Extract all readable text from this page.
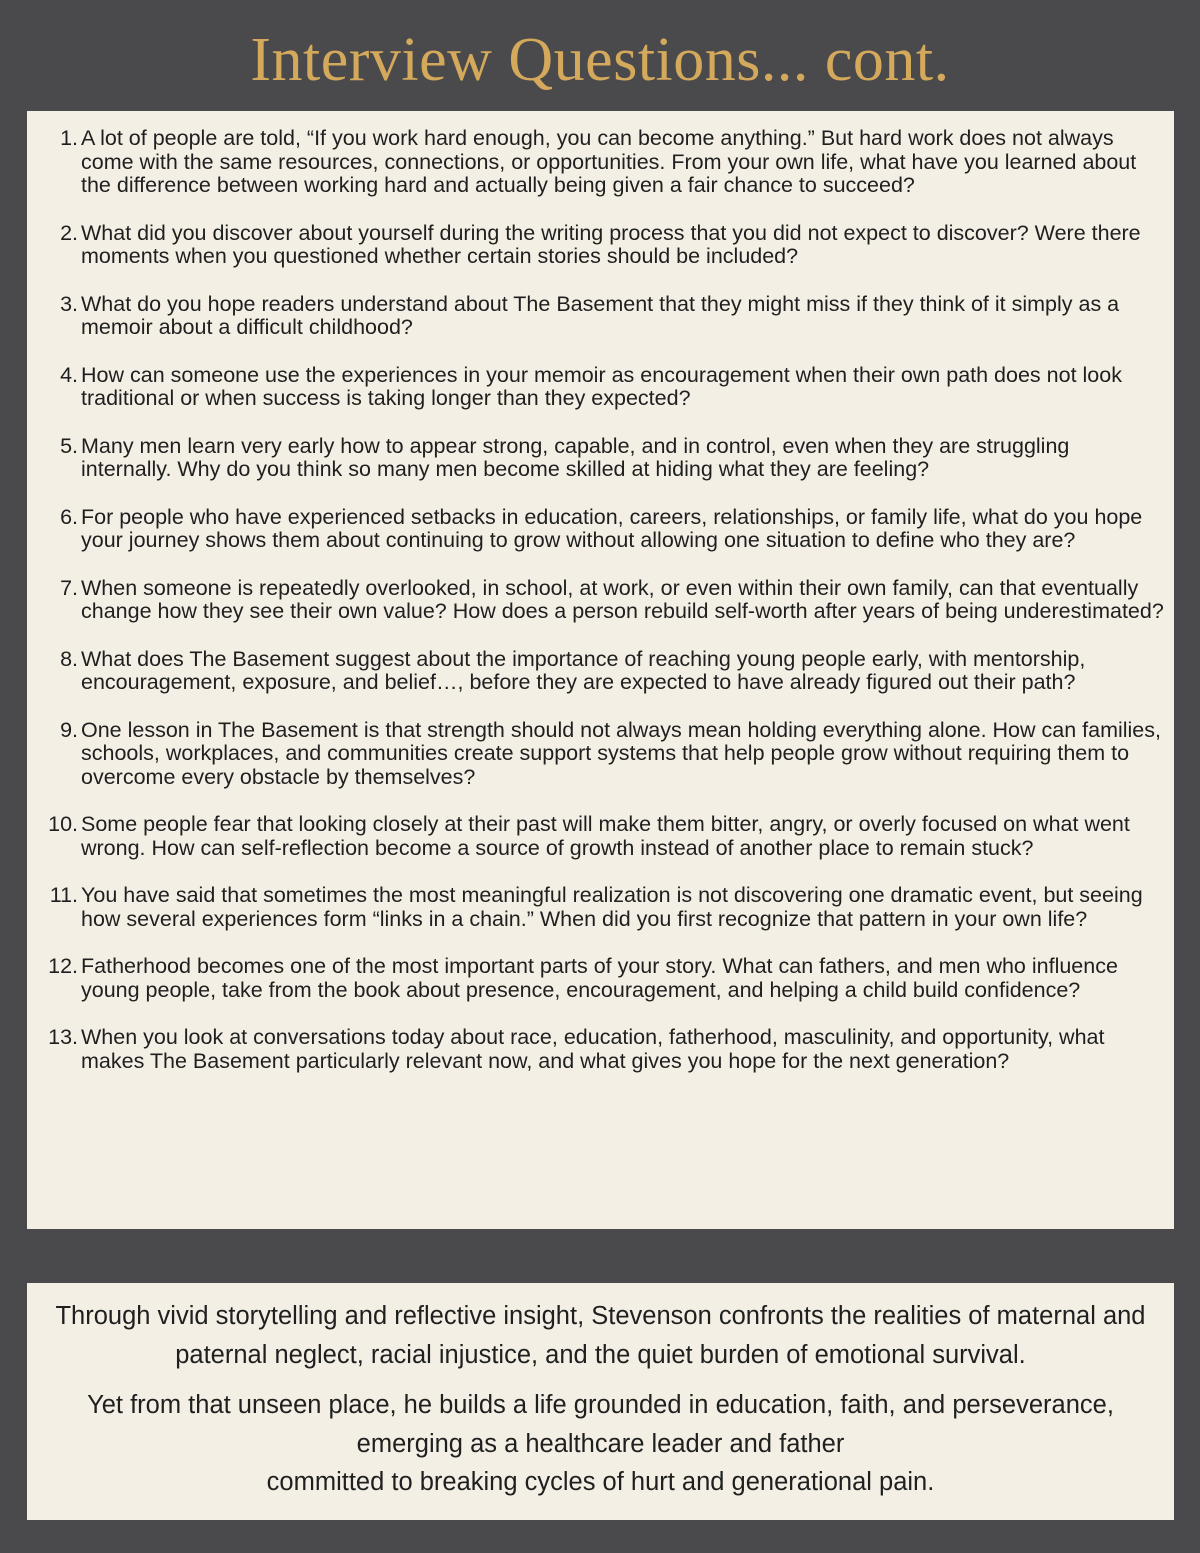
Interview Questions... cont.
1. A lot of people are told, “If you work hard enough, you can become anything.” But hard work does not always come with the same resources, connections, or opportunities. From your own life, what have you learned about the difference between working hard and actually being given a fair chance to succeed?
2. What did you discover about yourself during the writing process that you did not expect to discover? Were there moments when you questioned whether certain stories should be included?
3. What do you hope readers understand about The Basement that they might miss if they think of it simply as a memoir about a difficult childhood?
4. How can someone use the experiences in your memoir as encouragement when their own path does not look traditional or when success is taking longer than they expected?
5. Many men learn very early how to appear strong, capable, and in control, even when they are struggling internally. Why do you think so many men become skilled at hiding what they are feeling?
6. For people who have experienced setbacks in education, careers, relationships, or family life, what do you hope your journey shows them about continuing to grow without allowing one situation to define who they are?
7. When someone is repeatedly overlooked, in school, at work, or even within their own family, can that eventually change how they see their own value? How does a person rebuild self-worth after years of being underestimated?
8. What does The Basement suggest about the importance of reaching young people early, with mentorship, encouragement, exposure, and belief…, before they are expected to have already figured out their path?
9. One lesson in The Basement is that strength should not always mean holding everything alone. How can families, schools, workplaces, and communities create support systems that help people grow without requiring them to overcome every obstacle by themselves?
10. Some people fear that looking closely at their past will make them bitter, angry, or overly focused on what went wrong. How can self-reflection become a source of growth instead of another place to remain stuck?
11. You have said that sometimes the most meaningful realization is not discovering one dramatic event, but seeing how several experiences form “links in a chain.” When did you first recognize that pattern in your own life?
12. Fatherhood becomes one of the most important parts of your story. What can fathers, and men who influence young people, take from the book about presence, encouragement, and helping a child build confidence?
13. When you look at conversations today about race, education, fatherhood, masculinity, and opportunity, what makes The Basement particularly relevant now, and what gives you hope for the next generation?

Through vivid storytelling and reflective insight, Stevenson confronts the realities of maternal and paternal neglect, racial injustice, and the quiet burden of emotional survival.

Yet from that unseen place, he builds a life grounded in education, faith, and perseverance,
emerging as a healthcare leader and father
committed to breaking cycles of hurt and generational pain.
